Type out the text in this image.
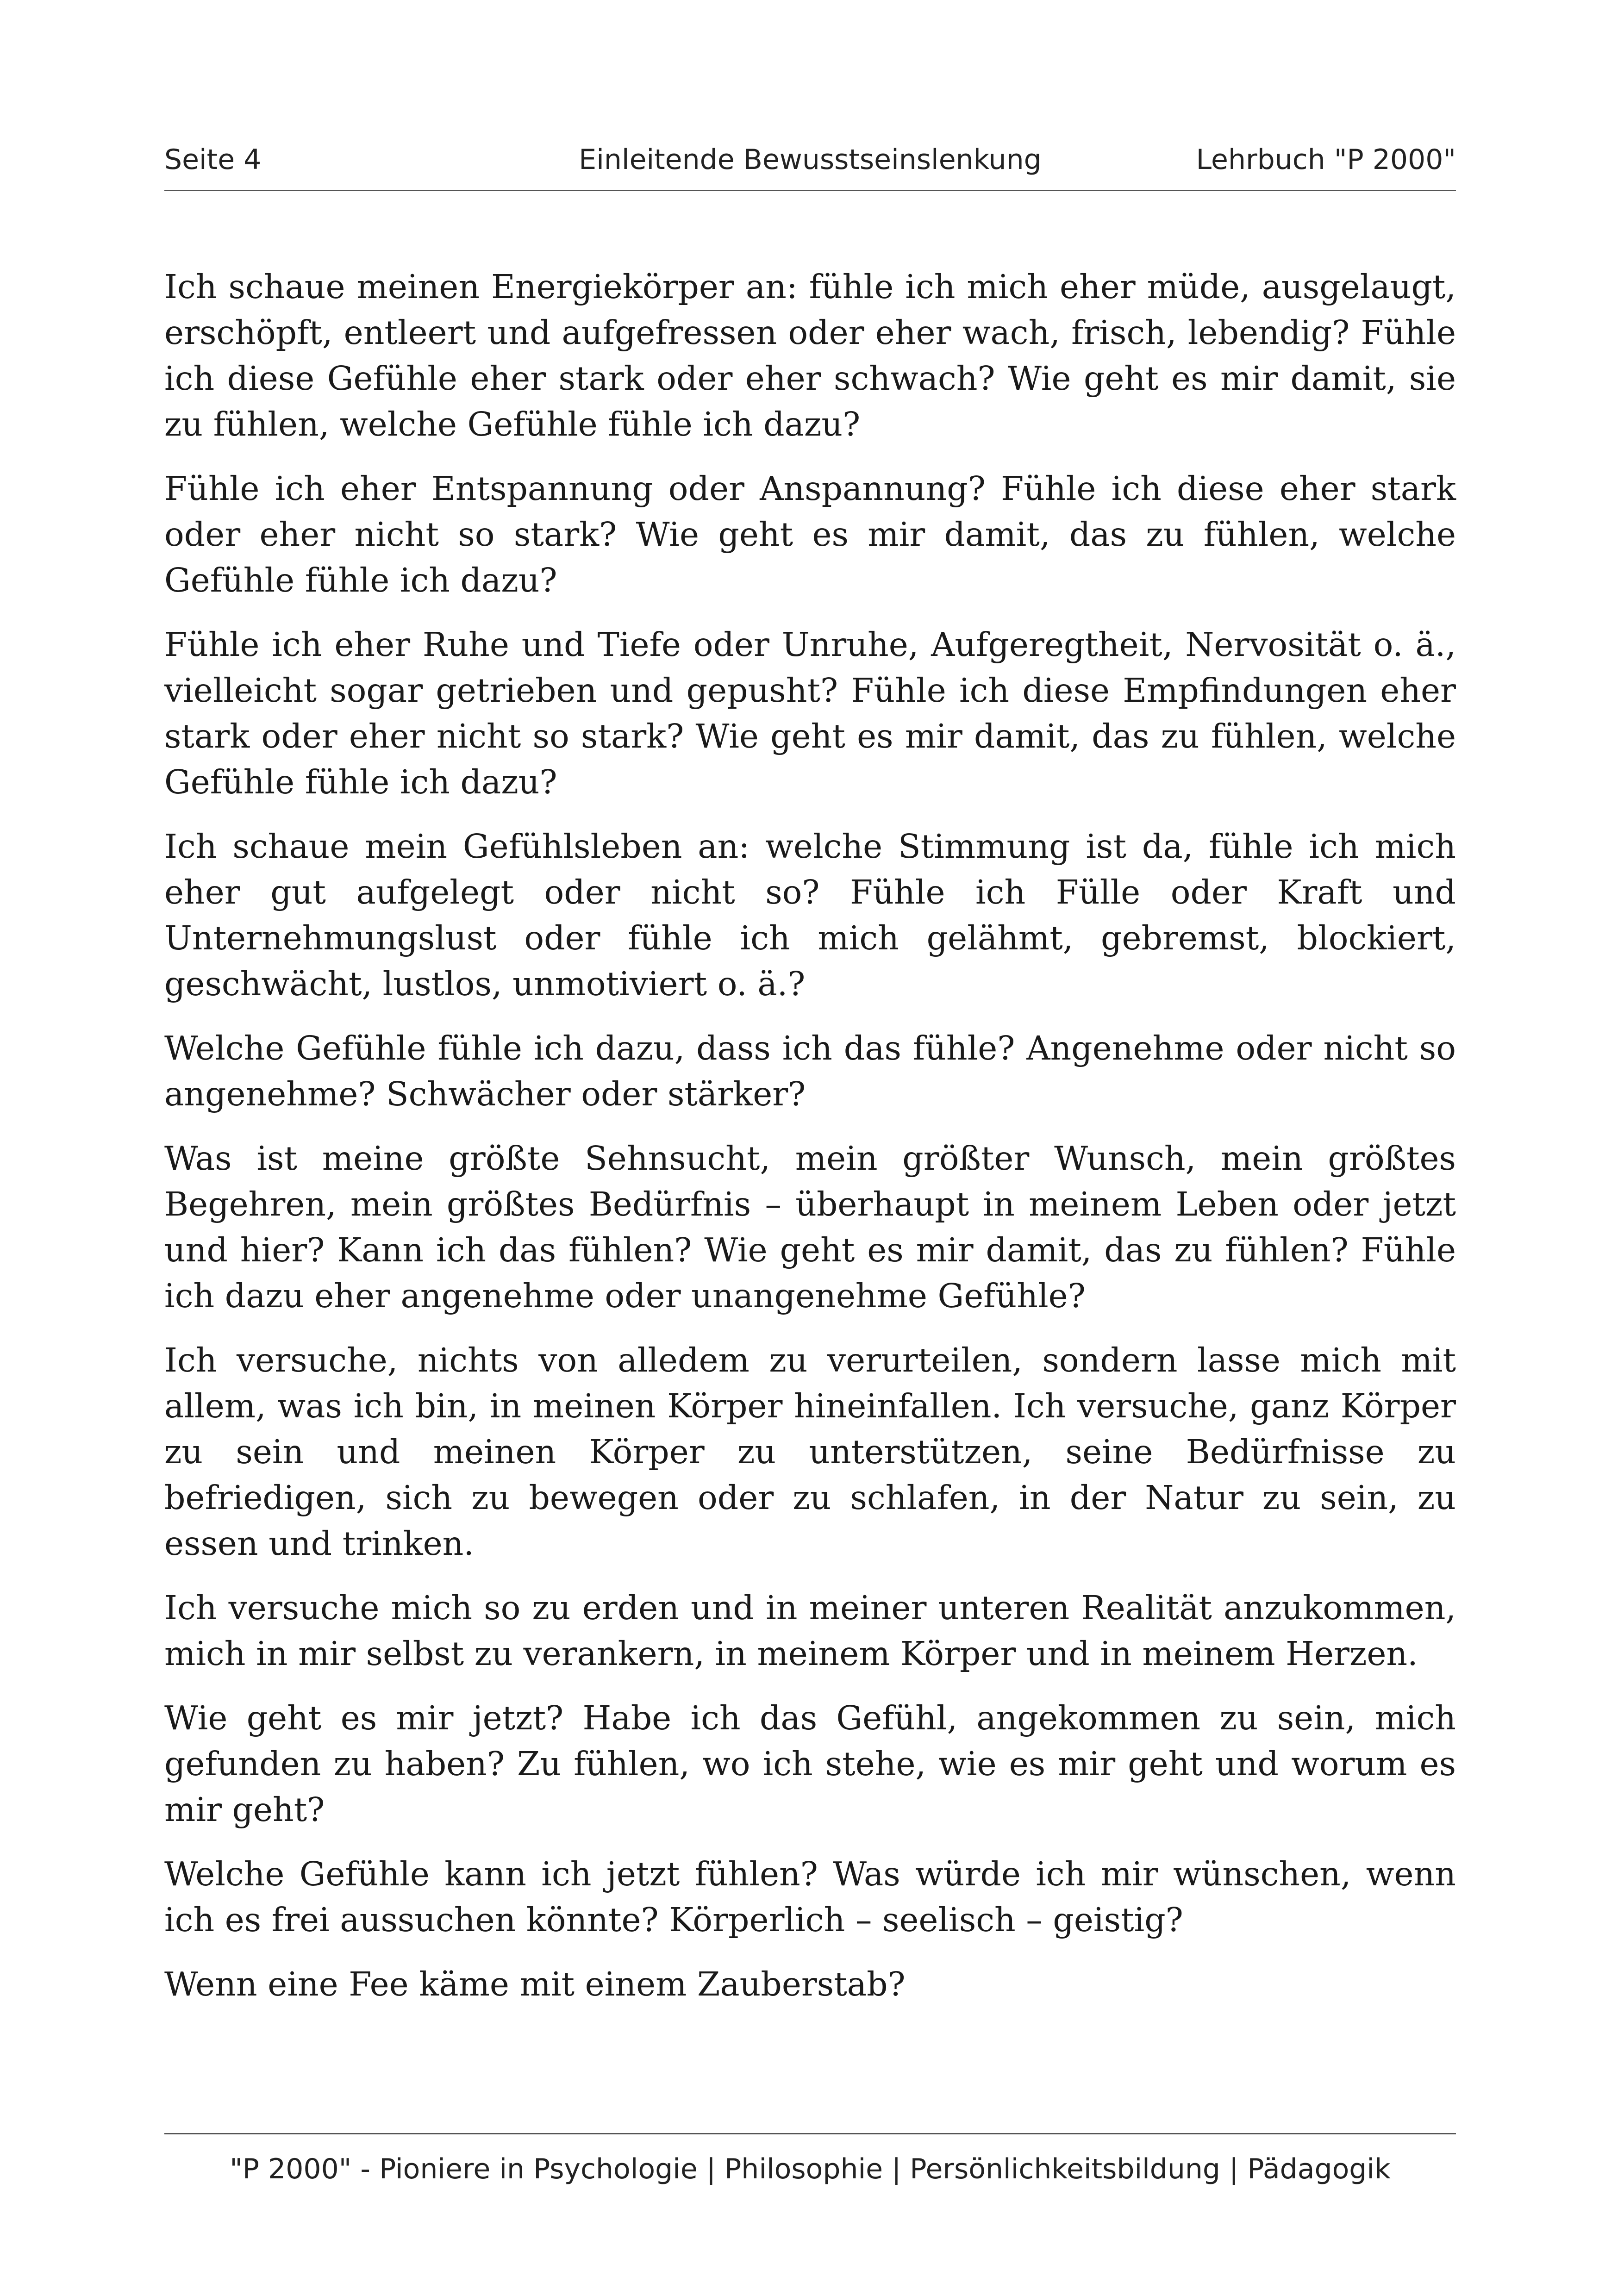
Seite 4	Einleitende Bewusstseinslenkung	Lehrbuch "P 2000"

Ich schaue meinen Energiekörper an: fühle ich mich eher müde, ausgelaugt, erschöpft, entleert und aufgefressen oder eher wach, frisch, lebendig? Fühle ich diese Gefühle eher stark oder eher schwach? Wie geht es mir damit, sie zu fühlen, welche Gefühle fühle ich dazu?

Fühle ich eher Entspannung oder Anspannung? Fühle ich diese eher stark oder eher nicht so stark? Wie geht es mir damit, das zu fühlen, welche Gefühle fühle ich dazu?

Fühle ich eher Ruhe und Tiefe oder Unruhe, Aufgeregtheit, Nervosität o. ä., vielleicht sogar getrieben und gepusht? Fühle ich diese Empfindungen eher stark oder eher nicht so stark? Wie geht es mir damit, das zu fühlen, welche Gefühle fühle ich dazu?

Ich schaue mein Gefühlsleben an: welche Stimmung ist da, fühle ich mich eher gut aufgelegt oder nicht so? Fühle ich Fülle oder Kraft und Unternehmungslust oder fühle ich mich gelähmt, gebremst, blockiert, geschwächt, lustlos, unmotiviert o. ä.?

Welche Gefühle fühle ich dazu, dass ich das fühle? Angenehme oder nicht so angenehme? Schwächer oder stärker?

Was ist meine größte Sehnsucht, mein größter Wunsch, mein größtes Begehren, mein größtes Bedürfnis – überhaupt in meinem Leben oder jetzt und hier? Kann ich das fühlen? Wie geht es mir damit, das zu fühlen? Fühle ich dazu eher angenehme oder unangenehme Gefühle?

Ich versuche, nichts von alledem zu verurteilen, sondern lasse mich mit allem, was ich bin, in meinen Körper hineinfallen. Ich versuche, ganz Körper zu sein und meinen Körper zu unterstützen, seine Bedürfnisse zu befriedigen, sich zu bewegen oder zu schlafen, in der Natur zu sein, zu essen und trinken.

Ich versuche mich so zu erden und in meiner unteren Realität anzukommen, mich in mir selbst zu verankern, in meinem Körper und in meinem Herzen.

Wie geht es mir jetzt? Habe ich das Gefühl, angekommen zu sein, mich gefunden zu haben? Zu fühlen, wo ich stehe, wie es mir geht und worum es mir geht?

Welche Gefühle kann ich jetzt fühlen? Was würde ich mir wünschen, wenn ich es frei aussuchen könnte? Körperlich – seelisch – geistig?

Wenn eine Fee käme mit einem Zauberstab?

"P 2000" - Pioniere in Psychologie | Philosophie | Persönlichkeitsbildung | Pädagogik
